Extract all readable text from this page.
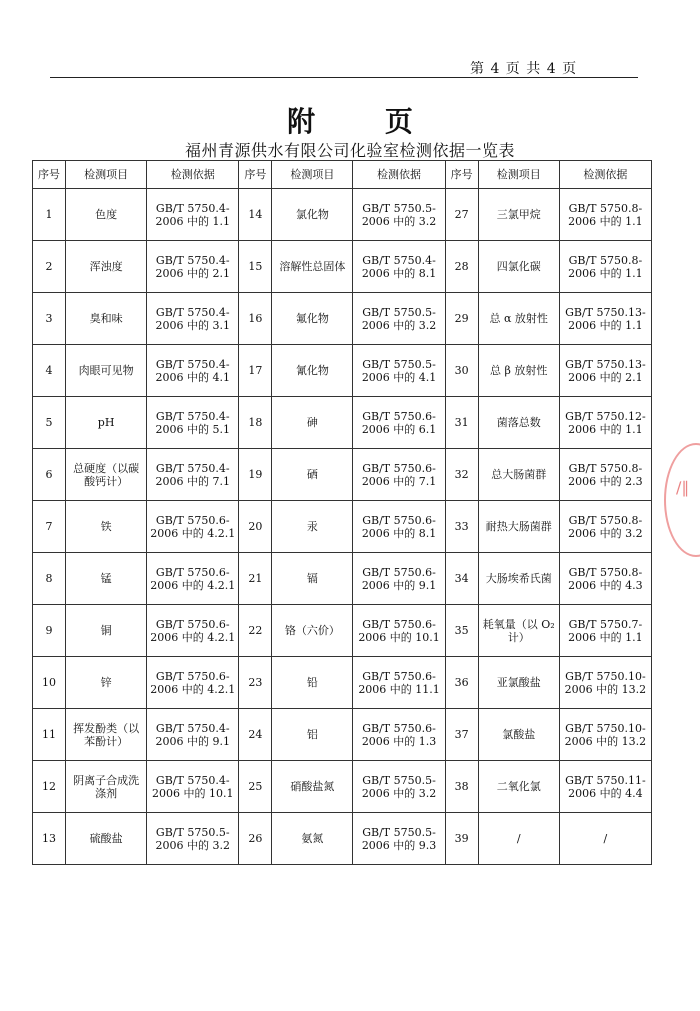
第 4 页 共 4 页
附 页
福州青源供水有限公司化验室检测依据一览表
序号	检测项目	检测依据	序号	检测项目	检测依据	序号	检测项目	检测依据
1	色度	GB/T 5750.4-2006 中的 1.1	14	氯化物	GB/T 5750.5-2006 中的 3.2	27	三氯甲烷	GB/T 5750.8-2006 中的 1.1
2	浑浊度	GB/T 5750.4-2006 中的 2.1	15	溶解性总固体	GB/T 5750.4-2006 中的 8.1	28	四氯化碳	GB/T 5750.8-2006 中的 1.1
3	臭和味	GB/T 5750.4-2006 中的 3.1	16	氟化物	GB/T 5750.5-2006 中的 3.2	29	总 α 放射性	GB/T 5750.13-2006 中的 1.1
4	肉眼可见物	GB/T 5750.4-2006 中的 4.1	17	氰化物	GB/T 5750.5-2006 中的 4.1	30	总 β 放射性	GB/T 5750.13-2006 中的 2.1
5	pH	GB/T 5750.4-2006 中的 5.1	18	砷	GB/T 5750.6-2006 中的 6.1	31	菌落总数	GB/T 5750.12-2006 中的 1.1
6	总硬度（以碳酸钙计）	GB/T 5750.4-2006 中的 7.1	19	硒	GB/T 5750.6-2006 中的 7.1	32	总大肠菌群	GB/T 5750.8-2006 中的 2.3
7	铁	GB/T 5750.6-2006 中的 4.2.1	20	汞	GB/T 5750.6-2006 中的 8.1	33	耐热大肠菌群	GB/T 5750.8-2006 中的 3.2
8	锰	GB/T 5750.6-2006 中的 4.2.1	21	镉	GB/T 5750.6-2006 中的 9.1	34	大肠埃希氏菌	GB/T 5750.8-2006 中的 4.3
9	铜	GB/T 5750.6-2006 中的 4.2.1	22	铬（六价）	GB/T 5750.6-2006 中的 10.1	35	耗氧量（以 O₂计）	GB/T 5750.7-2006 中的 1.1
10	锌	GB/T 5750.6-2006 中的 4.2.1	23	铅	GB/T 5750.6-2006 中的 11.1	36	亚氯酸盐	GB/T 5750.10-2006 中的 13.2
11	挥发酚类（以苯酚计）	GB/T 5750.4-2006 中的 9.1	24	铝	GB/T 5750.6-2006 中的 1.3	37	氯酸盐	GB/T 5750.10-2006 中的 13.2
12	阴离子合成洗涤剂	GB/T 5750.4-2006 中的 10.1	25	硝酸盐氮	GB/T 5750.5-2006 中的 3.2	38	二氧化氯	GB/T 5750.11-2006 中的 4.4
13	硫酸盐	GB/T 5750.5-2006 中的 3.2	26	氨氮	GB/T 5750.5-2006 中的 9.3	39	/	/
∕∥
